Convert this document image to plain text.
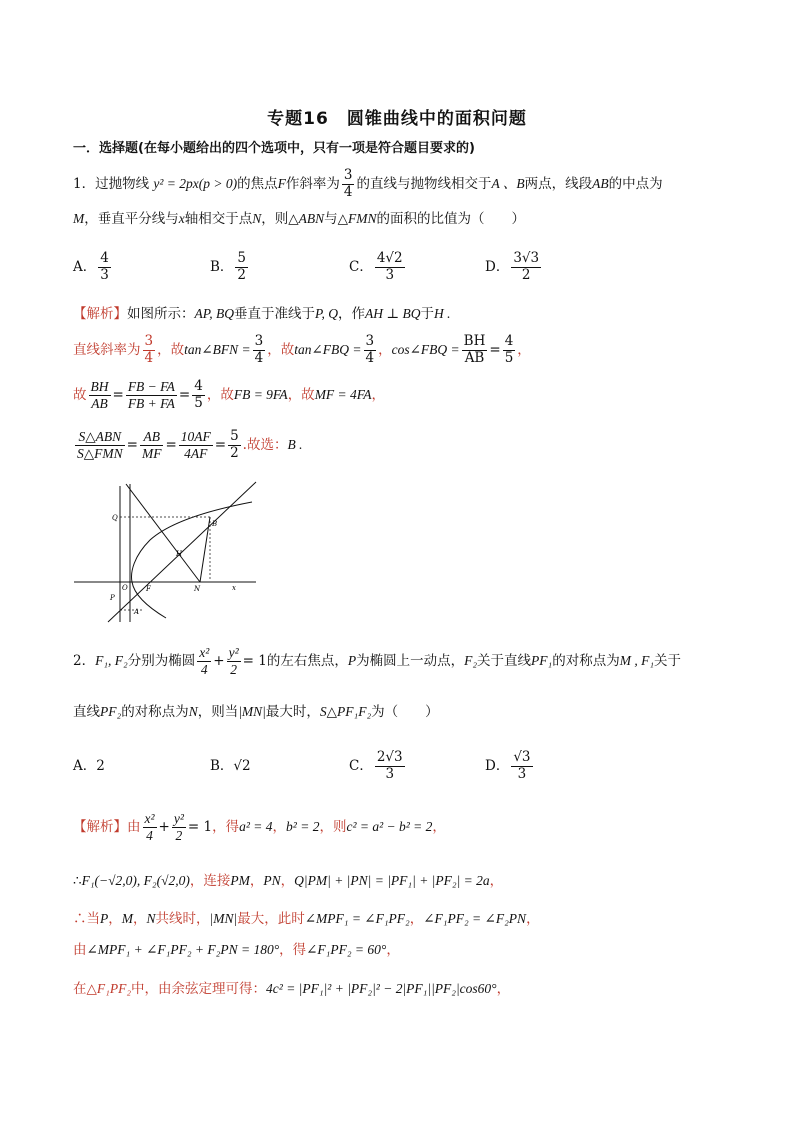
专题16　圆锥曲线中的面积问题
一．选择题(在每小题给出的四个选项中，只有一项是符合题目要求的)
1．过抛物线 y² = 2px(p > 0)的焦点F作斜率为 $\frac{3}{4}$ 的直线与抛物线相交于A 、B两点，线段AB的中点为
M，垂直平分线与x轴相交于点N，则△ABN与△FMN的面积的比值为（　　）
A． $\frac{4}{3}$	B． $\frac{5}{2}$	C． $\frac{4√2}{3}$	D． $\frac{3√3}{2}$
【解析】如图所示：AP, BQ垂直于准线于P, Q，作AH ⊥ BQ于H .
直线斜率为 $\frac{3}{4}$ ，故tan∠BFN = $\frac{3}{4}$ ，故tan∠FBQ = $\frac{3}{4}$ ，cos∠FBQ = $\frac{BH}{AB} = \frac{4}{5}$ ，
故 $\frac{BH}{AB} = \frac{FB - FA}{FB + FA} = \frac{4}{5}$ ，故FB = 9FA，故MF = 4FA，
$\frac{\text{S△ABN}}{\text{S△FMN}} = \frac{AB}{MF} = \frac{10AF}{4AF} = \frac{5}{2}$ .故选：B .
Q
B
H
O	F	N
P
x
A
2．F₁, F₂分别为椭圆 $\frac{\text{x²}}{4} + \frac{\text{y²}}{2} = 1$的左右焦点，P为椭圆上一动点，F₂关于直线PF₁的对称点为M , F₁关于
直线PF₂的对称点为N，则当|MN|最大时，S△PF₁F₂为（　　）
A．2	B．√2	C． $\frac{2√3}{3}$	D． $\frac{√3}{3}$
【解析】由 $\frac{\text{x²}}{4} + \frac{\text{y²}}{2} = 1$，得a² = 4，b² = 2，则c² = a² − b² = 2，
∴F₁(−√2,0), F₂(√2,0)，连接PM，PN，Q|PM| + |PN| = |PF₁| + |PF₂| = 2a，
∴当P，M，N共线时，|MN|最大，此时∠MPF₁ = ∠F₁PF₂，∠F₁PF₂ = ∠F₂PN，
由∠MPF₁ + ∠F₁PF₂ + F₂PN = 180°，得∠F₁PF₂ = 60°，
在△F₁PF₂中，由余弦定理可得：4c² = |PF₁|² + |PF₂|² − 2|PF₁||PF₂|cos60°，
